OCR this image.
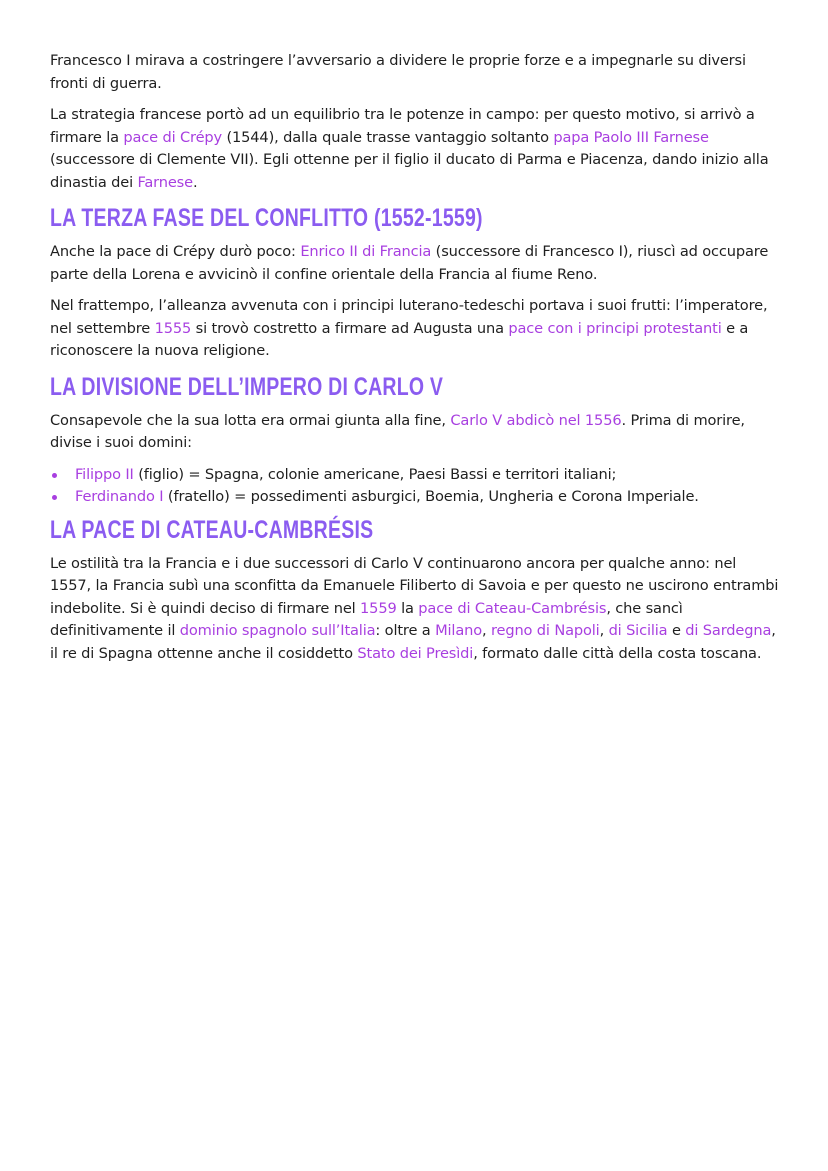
Francesco I mirava a costringere l’avversario a dividere le proprie forze e a impegnarle su diversi fronti di guerra.

La strategia francese portò ad un equilibrio tra le potenze in campo: per questo motivo, si arrivò a firmare la pace di Crépy (1544), dalla quale trasse vantaggio soltanto papa Paolo III Farnese (successore di Clemente VII). Egli ottenne per il figlio il ducato di Parma e Piacenza, dando inizio alla dinastia dei Farnese.

LA TERZA FASE DEL CONFLITTO (1552-1559)

Anche la pace di Crépy durò poco: Enrico II di Francia (successore di Francesco I), riuscì ad occupare parte della Lorena e avvicinò il confine orientale della Francia al fiume Reno.

Nel frattempo, l’alleanza avvenuta con i principi luterano-tedeschi portava i suoi frutti: l’imperatore, nel settembre 1555 si trovò costretto a firmare ad Augusta una pace con i principi protestanti e a riconoscere la nuova religione.

LA DIVISIONE DELL’IMPERO DI CARLO V

Consapevole che la sua lotta era ormai giunta alla fine, Carlo V abdicò nel 1556. Prima di morire, divise i suoi domini:

Filippo II (figlio) = Spagna, colonie americane, Paesi Bassi e territori italiani;
Ferdinando I (fratello) = possedimenti asburgici, Boemia, Ungheria e Corona Imperiale.
LA PACE DI CATEAU-CAMBRÉSIS

Le ostilità tra la Francia e i due successori di Carlo V continuarono ancora per qualche anno: nel 1557, la Francia subì una sconfitta da Emanuele Filiberto di Savoia e per questo ne uscirono entrambi indebolite. Si è quindi deciso di firmare nel 1559 la pace di Cateau-Cambrésis, che sancì definitivamente il dominio spagnolo sull’Italia: oltre a Milano, regno di Napoli, di Sicilia e di Sardegna, il re di Spagna ottenne anche il cosiddetto Stato dei Presìdi, formato dalle città della costa toscana.
